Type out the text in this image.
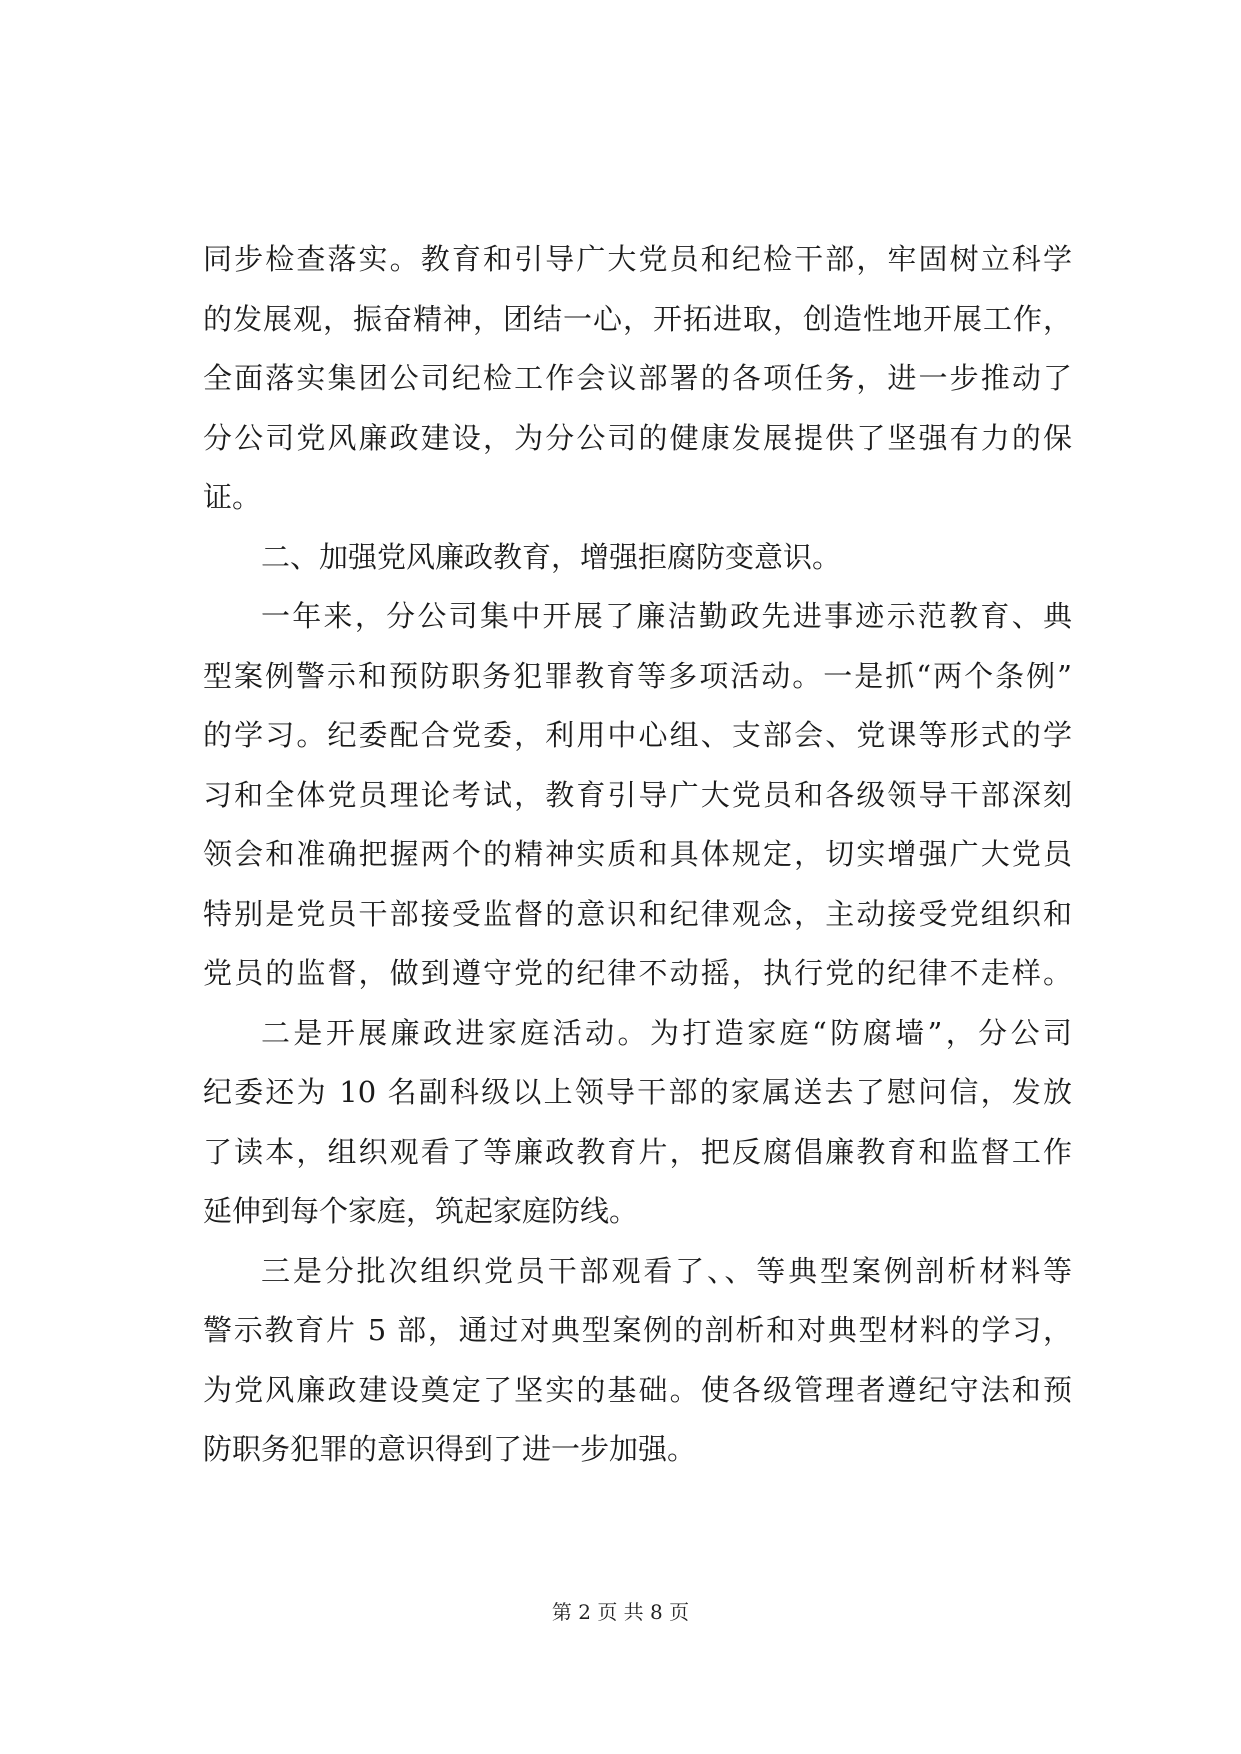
同步检查落实。教育和引导广大党员和纪检干部，牢固树立科学
的发展观，振奋精神，团结一心，开拓进取，创造性地开展工作，
全面落实集团公司纪检工作会议部署的各项任务，进一步推动了
分公司党风廉政建设，为分公司的健康发展提供了坚强有力的保
证。
二、加强党风廉政教育，增强拒腐防变意识。
一年来，分公司集中开展了廉洁勤政先进事迹示范教育、典
型案例警示和预防职务犯罪教育等多项活动。一是抓“两个条例”
的学习。纪委配合党委，利用中心组、支部会、党课等形式的学
习和全体党员理论考试，教育引导广大党员和各级领导干部深刻
领会和准确把握两个的精神实质和具体规定，切实增强广大党员
特别是党员干部接受监督的意识和纪律观念，主动接受党组织和
党员的监督，做到遵守党的纪律不动摇，执行党的纪律不走样。
二是开展廉政进家庭活动。为打造家庭“防腐墙”，分公司
纪委还为 10 名副科级以上领导干部的家属送去了慰问信，发放
了读本，组织观看了等廉政教育片，把反腐倡廉教育和监督工作
延伸到每个家庭，筑起家庭防线。
三是分批次组织党员干部观看了、、等典型案例剖析材料等
警示教育片 5 部，通过对典型案例的剖析和对典型材料的学习，
为党风廉政建设奠定了坚实的基础。使各级管理者遵纪守法和预
防职务犯罪的意识得到了进一步加强。
第 2 页 共 8 页
